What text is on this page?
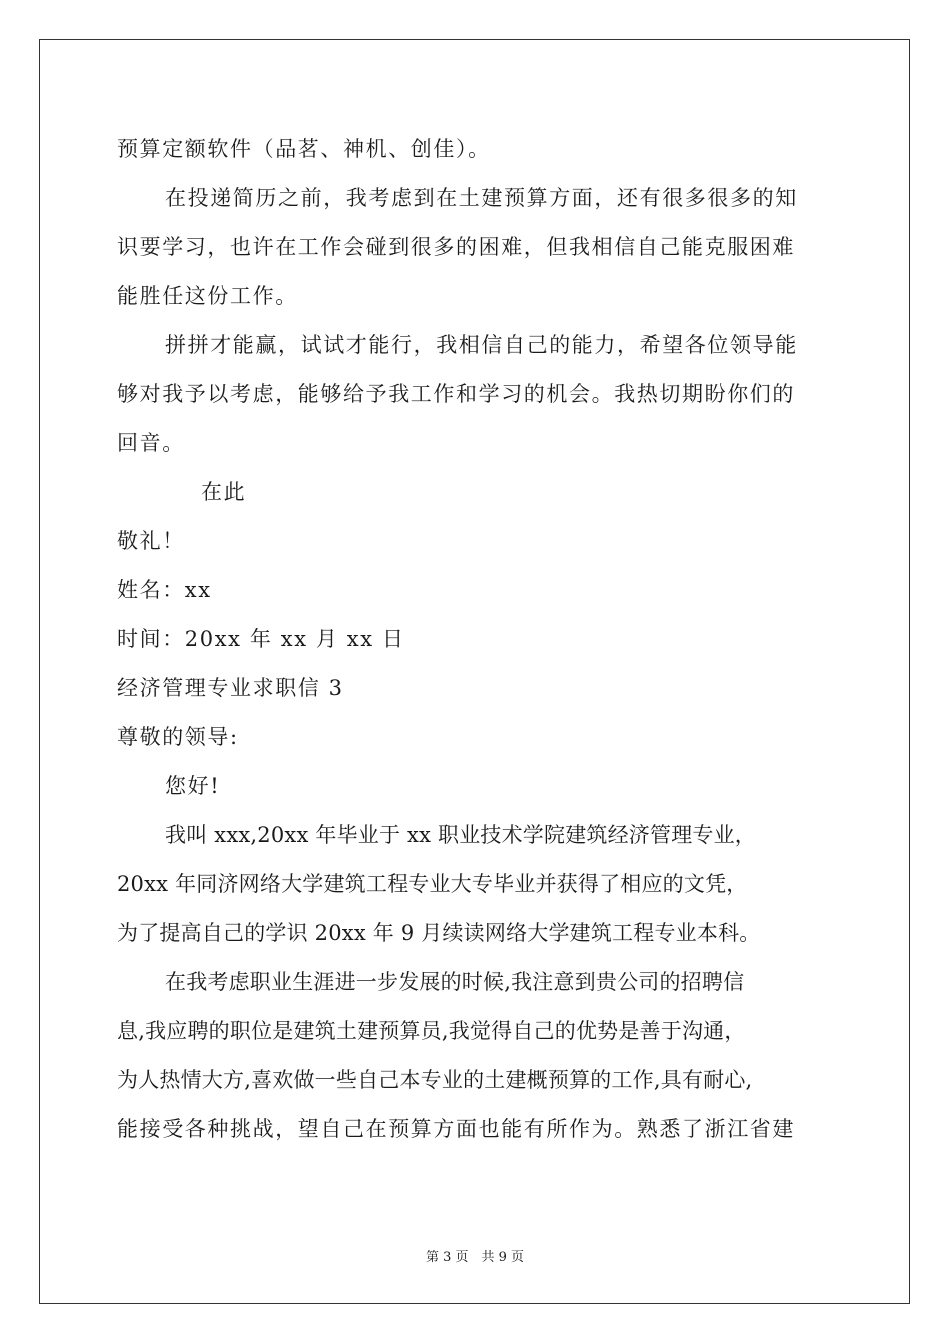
预算定额软件（品茗、神机、创佳）。
在投递简历之前，我考虑到在土建预算方面，还有很多很多的知
识要学习，也许在工作会碰到很多的困难，但我相信自己能克服困难
能胜任这份工作。
拼拼才能赢，试试才能行，我相信自己的能力，希望各位领导能
够对我予以考虑，能够给予我工作和学习的机会。我热切期盼你们的
回音。
在此
敬礼！
姓名：xx
时间：20xx 年 xx 月 xx 日
经济管理专业求职信 3
尊敬的领导:
您好!
我叫 xxx,20xx 年毕业于 xx 职业技术学院建筑经济管理专业，
20xx 年同济网络大学建筑工程专业大专毕业并获得了相应的文凭，
为了提高自己的学识 20xx 年 9 月续读网络大学建筑工程专业本科。
在我考虑职业生涯进一步发展的时候,我注意到贵公司的招聘信
息,我应聘的职位是建筑土建预算员,我觉得自己的优势是善于沟通，
为人热情大方,喜欢做一些自己本专业的土建概预算的工作,具有耐心,
能接受各种挑战，望自己在预算方面也能有所作为。熟悉了浙江省建
第 3 页　共 9 页
